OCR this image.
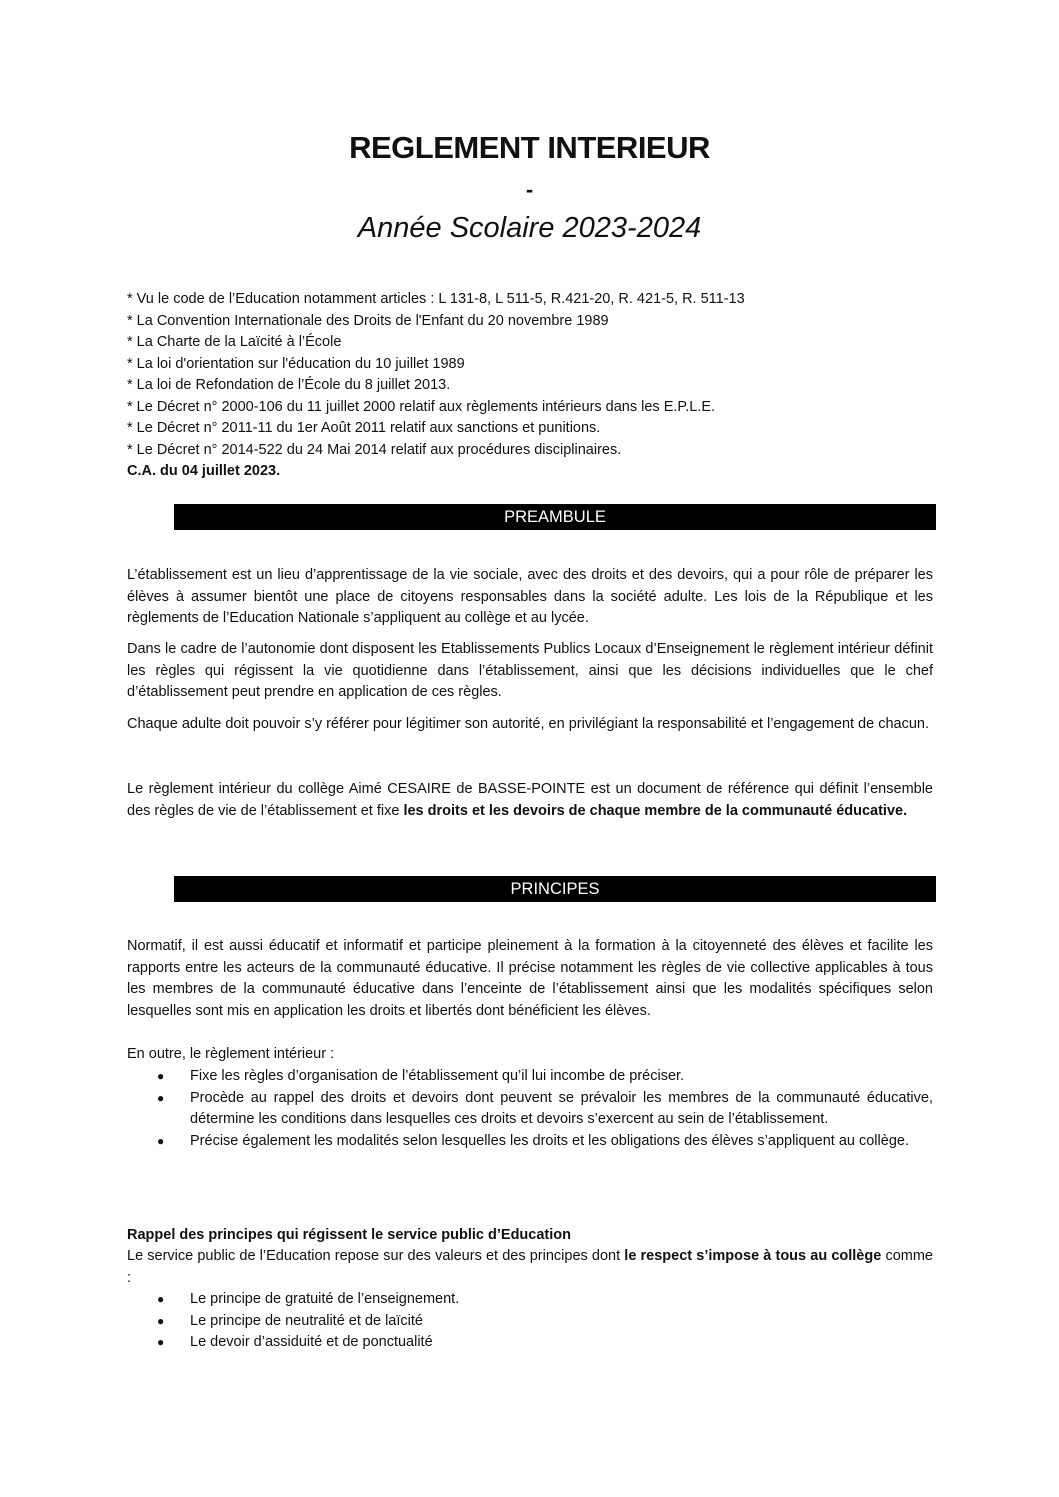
REGLEMENT INTERIEUR
-
Année Scolaire 2023-2024
* Vu le code de l’Education notamment articles : L 131-8, L 511-5, R.421-20, R. 421-5, R. 511-13
* La Convention Internationale des Droits de l'Enfant du 20 novembre 1989
* La Charte de la Laïcité à l’École
* La loi d'orientation sur l'éducation du 10 juillet 1989
* La loi de Refondation de l’École du 8 juillet 2013.
* Le Décret n° 2000-106 du 11 juillet 2000 relatif aux règlements intérieurs dans les E.P.L.E.
* Le Décret n° 2011-11 du 1er Août 2011 relatif aux sanctions et punitions.
* Le Décret n° 2014-522 du 24 Mai 2014 relatif aux procédures disciplinaires.
C.A. du 04 juillet 2023.
PREAMBULE

L’établissement est un lieu d’apprentissage de la vie sociale, avec des droits et des devoirs, qui a pour rôle de préparer les élèves à assumer bientôt une place de citoyens responsables dans la société adulte. Les lois de la République et les règlements de l’Education Nationale s’appliquent au collège et au lycée.

Dans le cadre de l’autonomie dont disposent les Etablissements Publics Locaux d’Enseignement le règlement intérieur définit les règles qui régissent la vie quotidienne dans l’établissement, ainsi que les décisions individuelles que le chef d’établissement peut prendre en application de ces règles.

Chaque adulte doit pouvoir s’y référer pour légitimer son autorité, en privilégiant la responsabilité et l’engagement de chacun.

Le règlement intérieur du collège Aimé CESAIRE de BASSE-POINTE est un document de référence qui définit l’ensemble des règles de vie de l’établissement et fixe les droits et les devoirs de chaque membre de la communauté éducative.

PRINCIPES

Normatif, il est aussi éducatif et informatif et participe pleinement à la formation à la citoyenneté des élèves et facilite les rapports entre les acteurs de la communauté éducative. Il précise notamment les règles de vie collective applicables à tous les membres de la communauté éducative dans l’enceinte de l’établissement ainsi que les modalités spécifiques selon lesquelles sont mis en application les droits et libertés dont bénéficient les élèves.

En outre, le règlement intérieur :

● Fixe les règles d’organisation de l’établissement qu’il lui incombe de préciser.
● Procède au rappel des droits et devoirs dont peuvent se prévaloir les membres de la communauté éducative, détermine les conditions dans lesquelles ces droits et devoirs s’exercent au sein de l’établissement.
● Précise également les modalités selon lesquelles les droits et les obligations des élèves s’appliquent au collège.

Rappel des principes qui régissent le service public d’Education

Le service public de l’Education repose sur des valeurs et des principes dont le respect s’impose à tous au collège comme :

● Le principe de gratuité de l’enseignement.
● Le principe de neutralité et de laïcité
● Le devoir d’assiduité et de ponctualité
